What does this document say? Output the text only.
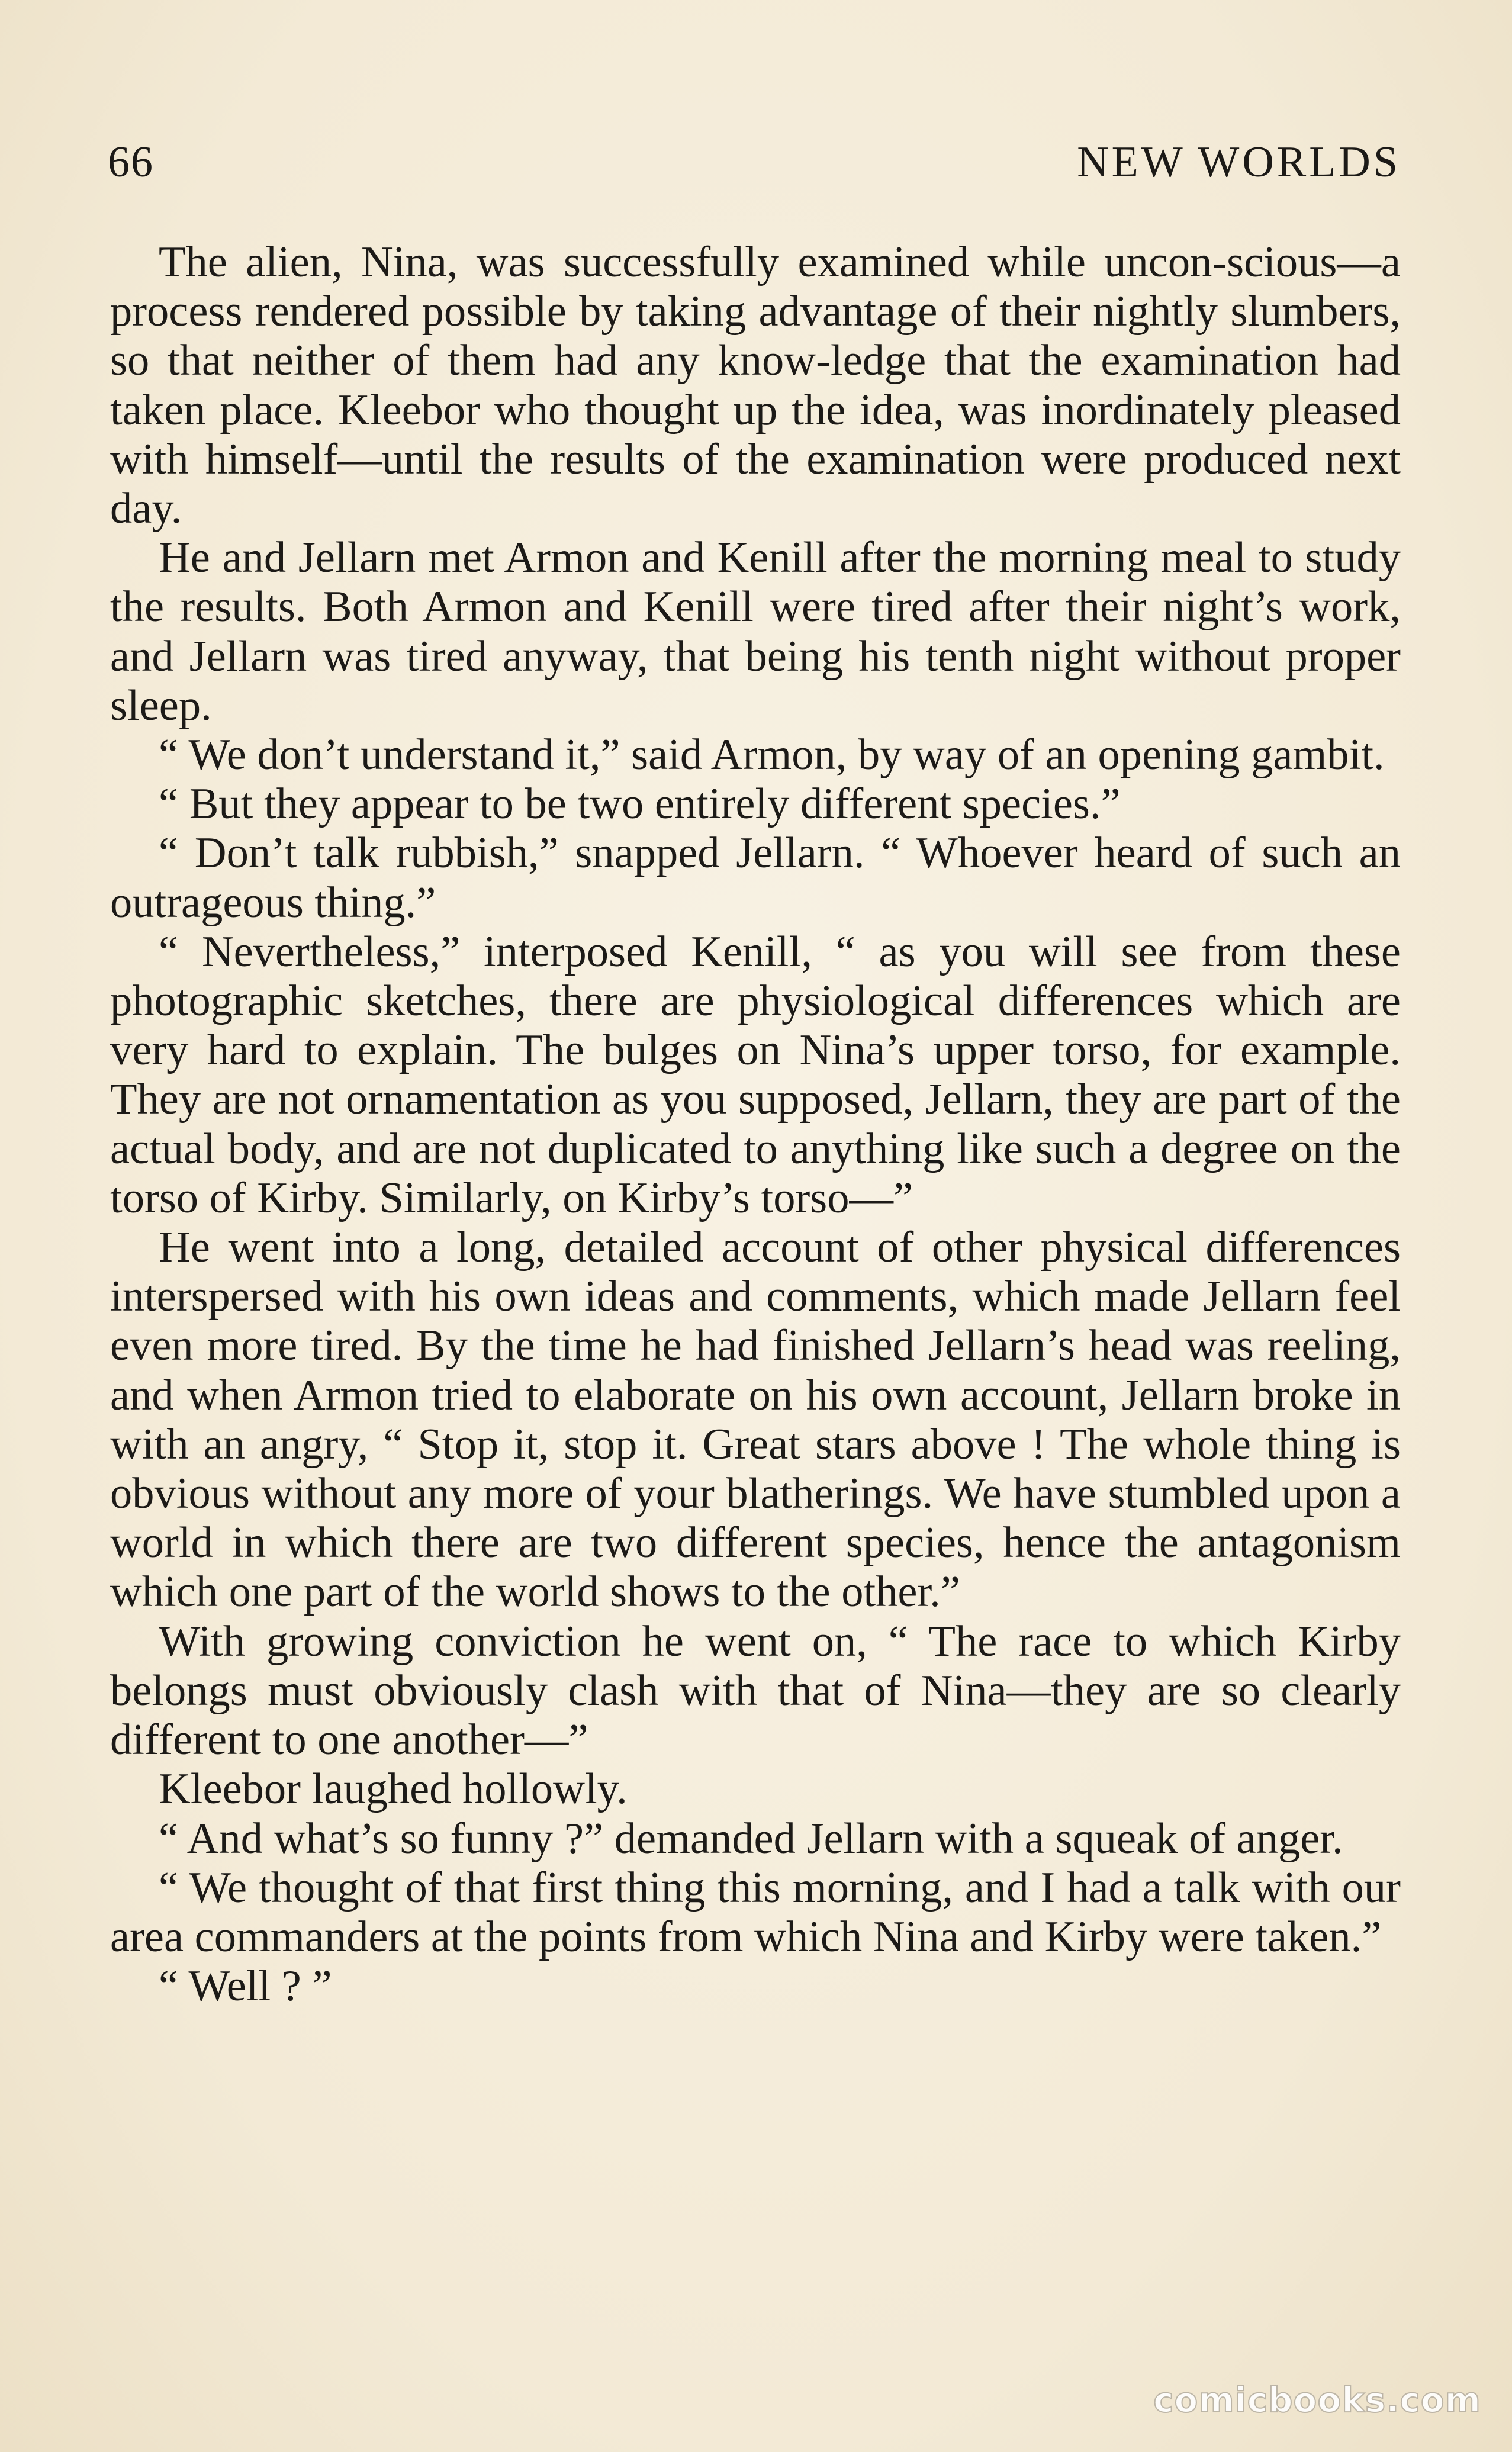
66	NEW WORLDS

The alien, Nina, was successfully examined while uncon-scious—a process rendered possible by taking advantage of their nightly slumbers, so that neither of them had any know-ledge that the examination had taken place. Kleebor who thought up the idea, was inordinately pleased with himself—until the results of the examination were produced next day.

He and Jellarn met Armon and Kenill after the morning meal to study the results. Both Armon and Kenill were tired after their night’s work, and Jellarn was tired anyway, that being his tenth night without proper sleep.

“ We don’t understand it,” said Armon, by way of an opening gambit.

“ But they appear to be two entirely different species.”

“ Don’t talk rubbish,” snapped Jellarn. “ Whoever heard of such an outrageous thing.”

“ Nevertheless,” interposed Kenill, “ as you will see from these photographic sketches, there are physiological differences which are very hard to explain. The bulges on Nina’s upper torso, for example. They are not ornamentation as you supposed, Jellarn, they are part of the actual body, and are not duplicated to anything like such a degree on the torso of Kirby. Similarly, on Kirby’s torso—”

He went into a long, detailed account of other physical differences interspersed with his own ideas and comments, which made Jellarn feel even more tired. By the time he had finished Jellarn’s head was reeling, and when Armon tried to elaborate on his own account, Jellarn broke in with an angry, “ Stop it, stop it. Great stars above ! The whole thing is obvious without any more of your blatherings. We have stumbled upon a world in which there are two different species, hence the antagonism which one part of the world shows to the other.”

With growing conviction he went on, “ The race to which Kirby belongs must obviously clash with that of Nina—they are so clearly different to one another—”

Kleebor laughed hollowly.

“ And what’s so funny ?” demanded Jellarn with a squeak of anger.

“ We thought of that first thing this morning, and I had a talk with our area commanders at the points from which Nina and Kirby were taken.”

“ Well ? ”

comicbooks.com
